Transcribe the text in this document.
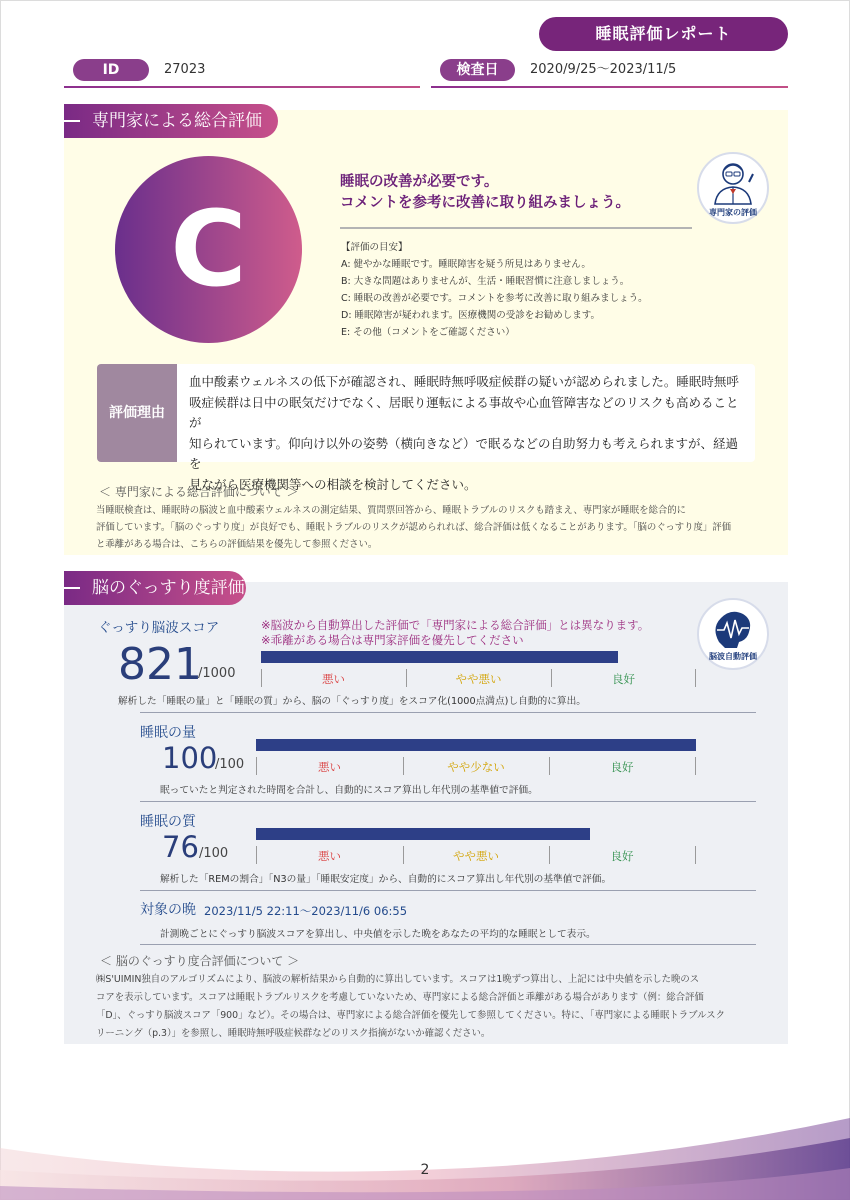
睡眠評価レポート
ID	27023	検査日	2020/9/25〜2023/11/5
専門家による総合評価
C
睡眠の改善が必要です。
コメントを参考に改善に取り組みましょう。
専門家の評価
【評価の目安】
A: 健やかな睡眠です。睡眠障害を疑う所見はありません。
B: 大きな問題はありませんが、生活・睡眠習慣に注意しましょう。
C: 睡眠の改善が必要です。コメントを参考に改善に取り組みましょう。
D: 睡眠障害が疑われます。医療機関の受診をお勧めします。
E: その他（コメントをご確認ください）
評価理由
血中酸素ウェルネスの低下が確認され、睡眠時無呼吸症候群の疑いが認められました。睡眠時無呼
吸症候群は日中の眠気だけでなく、居眠り運転による事故や心血管障害などのリスクも高めることが
知られています。仰向け以外の姿勢（横向きなど）で眠るなどの自助努力も考えられますが、経過を
見ながら医療機関等への相談を検討してください。
＜ 専門家による総合評価について ＞
当睡眠検査は、睡眠時の脳波と血中酸素ウェルネスの測定結果、質問票回答から、睡眠トラブルのリスクも踏まえ、専門家が睡眠を総合的に
評価しています。「脳のぐっすり度」が良好でも、睡眠トラブルのリスクが認められれば、総合評価は低くなることがあります。「脳のぐっすり度」評価
と乖離がある場合は、こちらの評価結果を優先して参照ください。
脳のぐっすり度評価
脳波自動評価
ぐっすり脳波スコア	※脳波から自動算出した評価で「専門家による総合評価」とは異なります。
※乖離がある場合は専門家評価を優先してください
821
/1000	悪い	やや悪い	良好
解析した「睡眠の量」と「睡眠の質」から、脳の「ぐっすり度」をスコア化(1000点満点)し自動的に算出。
睡眠の量
100
/100	悪い	やや少ない	良好
眠っていたと判定された時間を合計し、自動的にスコア算出し年代別の基準値で評価。
睡眠の質
76 /100	悪い	やや悪い	良好
解析した「REMの割合」「N3の量」「睡眠安定度」から、自動的にスコア算出し年代別の基準値で評価。
対象の晩 2023/11/5 22:11〜2023/11/6 06:55
計測晩ごとにぐっすり脳波スコアを算出し、中央値を示した晩をあなたの平均的な睡眠として表示。
＜ 脳のぐっすり度合評価について ＞
㈱S'UIMIN独自のアルゴリズムにより、脳波の解析結果から自動的に算出しています。スコアは1晩ずつ算出し、上記には中央値を示した晩のス
コアを表示しています。スコアは睡眠トラブルリスクを考慮していないため、専門家による総合評価と乖離がある場合があります（例：総合評価
「D」、ぐっすり脳波スコア「900」など）。その場合は、専門家による総合評価を優先して参照してください。特に、「専門家による睡眠トラブルスク
リーニング（p.3）」を参照し、睡眠時無呼吸症候群などのリスク指摘がないか確認ください。
2
